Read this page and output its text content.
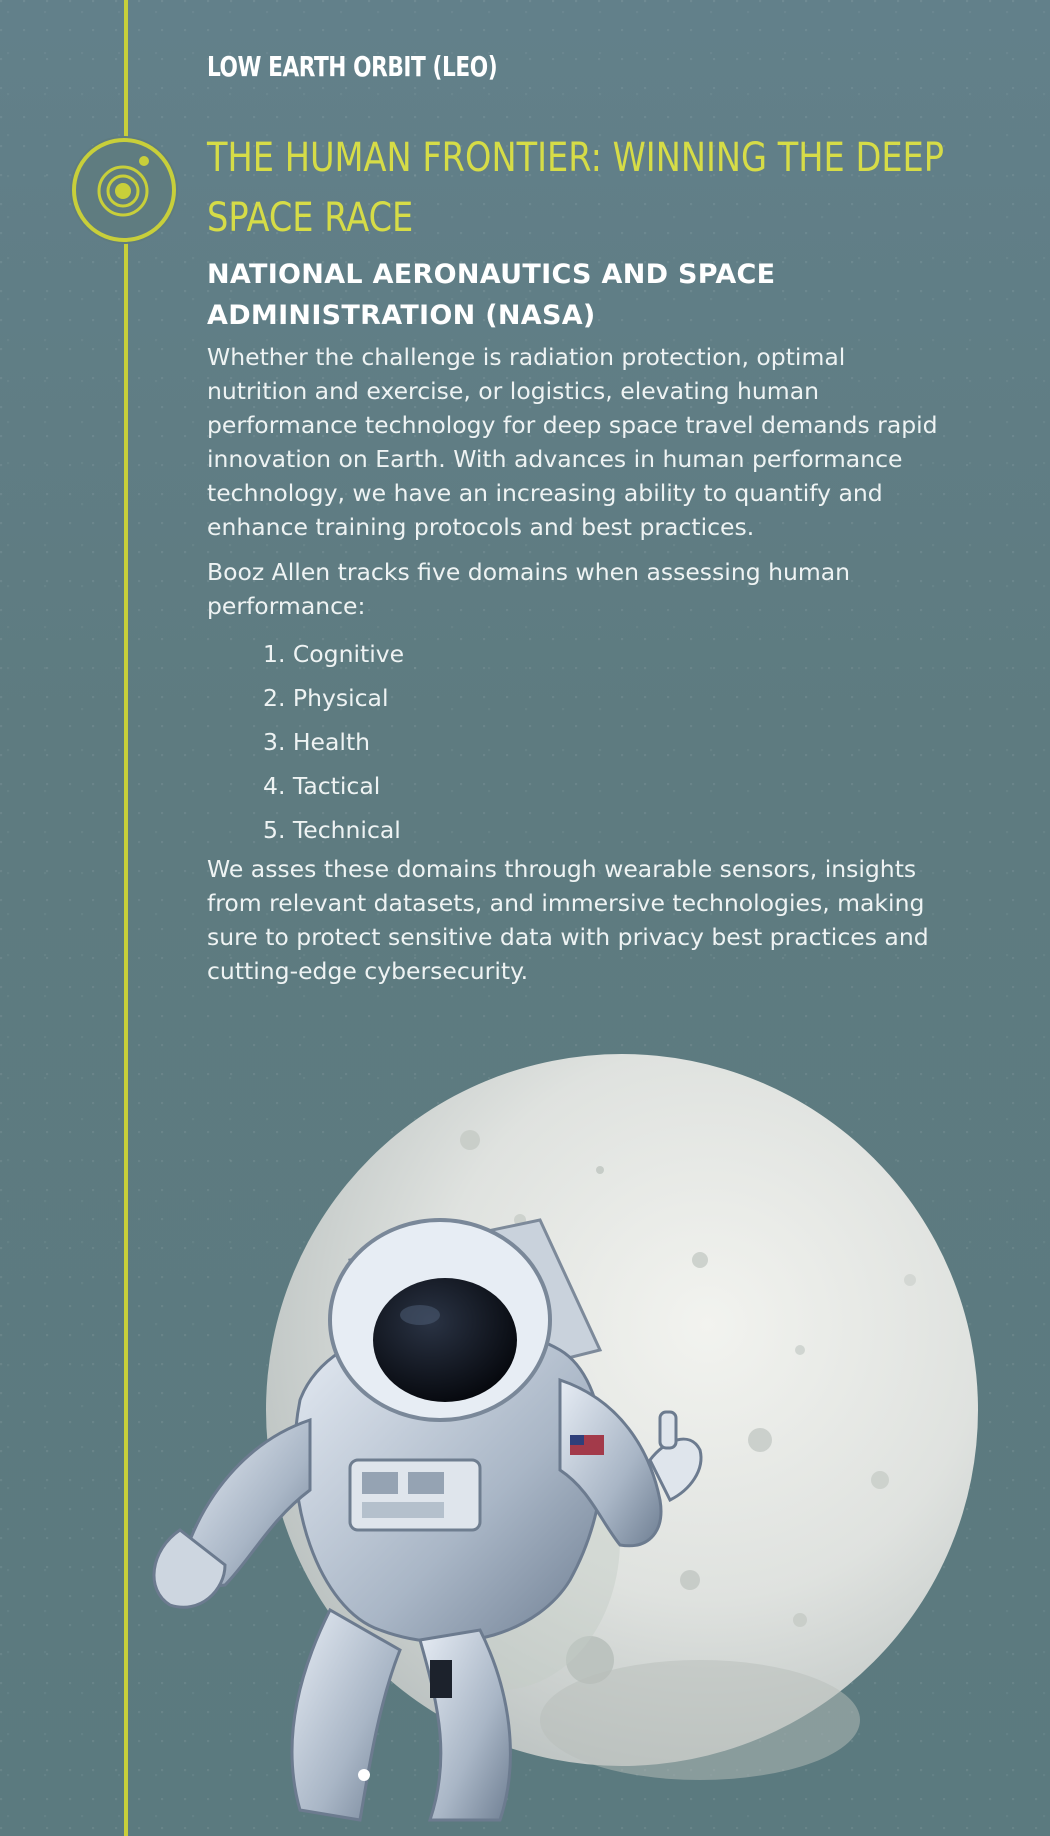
LOW EARTH ORBIT (LEO)
THE HUMAN FRONTIER: WINNING THE DEEP SPACE RACE
NATIONAL AERONAUTICS AND SPACE ADMINISTRATION (NASA)

Whether the challenge is radiation protection, optimal nutrition and exercise, or logistics, elevating human performance technology for deep space travel demands rapid innovation on Earth. With advances in human performance technology, we have an increasing ability to quantify and enhance training protocols and best practices.

Booz Allen tracks five domains when assessing human performance:

1. Cognitive
2. Physical
3. Health
4. Tactical
5. Technical

We asses these domains through wearable sensors, insights from relevant datasets, and immersive technologies, making sure to protect sensitive data with privacy best practices and cutting-edge cybersecurity.
